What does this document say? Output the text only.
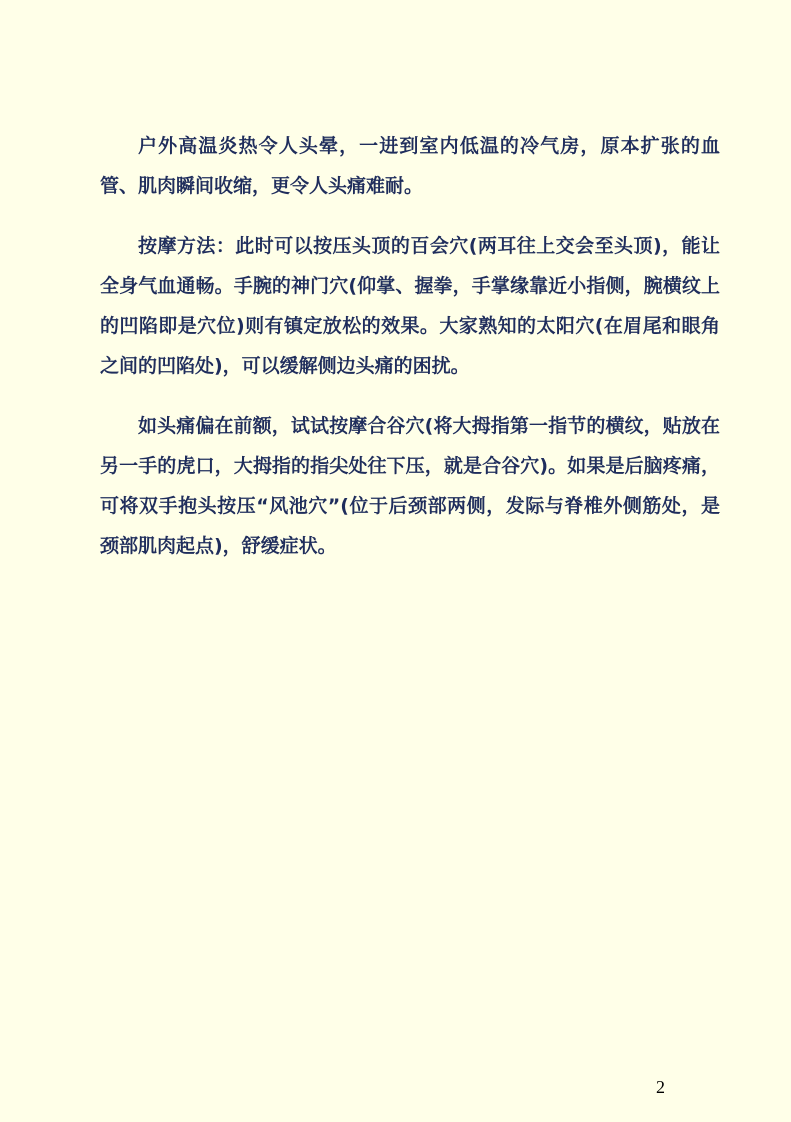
户外高温炎热令人头晕，一进到室内低温的冷气房，原本扩张的血管、肌肉瞬间收缩，更令人头痛难耐。

按摩方法：此时可以按压头顶的百会穴(两耳往上交会至头顶)，能让全身气血通畅。手腕的神门穴(仰掌、握拳，手掌缘靠近小指侧，腕横纹上的凹陷即是穴位)则有镇定放松的效果。大家熟知的太阳穴(在眉尾和眼角之间的凹陷处)，可以缓解侧边头痛的困扰。

如头痛偏在前额，试试按摩合谷穴(将大拇指第一指节的横纹，贴放在另一手的虎口，大拇指的指尖处往下压，就是合谷穴)。如果是后脑疼痛，可将双手抱头按压“风池穴”(位于后颈部两侧，发际与脊椎外侧筋处，是颈部肌肉起点)，舒缓症状。

2
